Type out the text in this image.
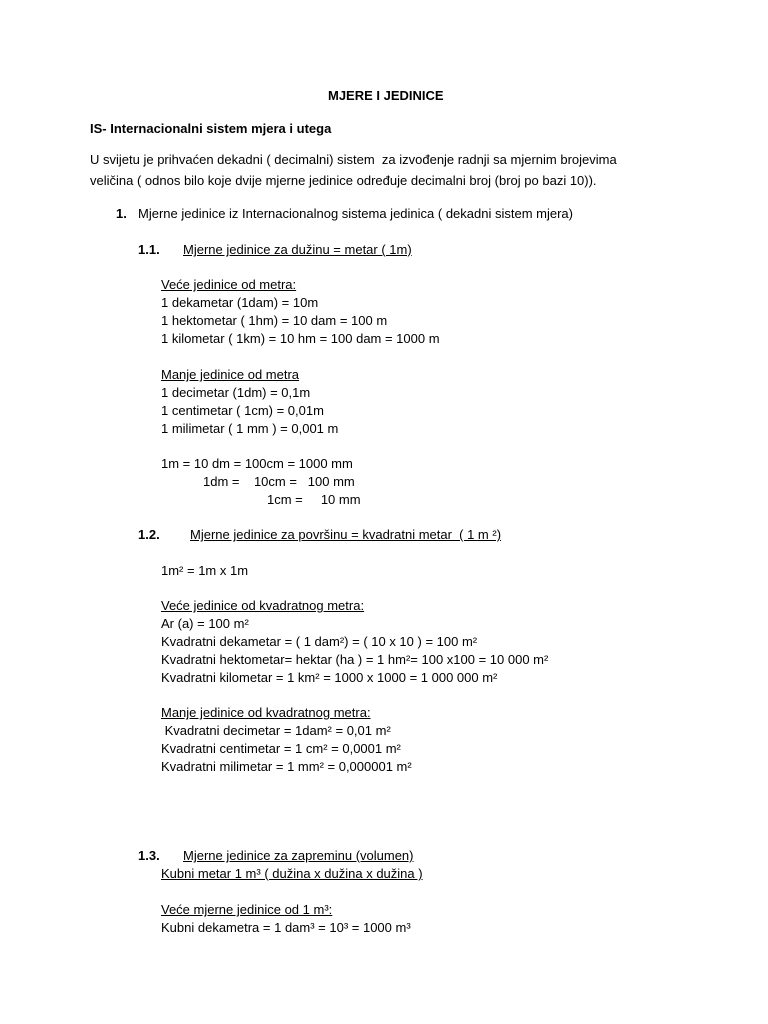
MJERE I JEDINICE
IS- Internacionalni sistem mjera i utega
U svijetu je prihvaćen dekadni ( decimalni) sistem  za izvođenje radnji sa mjernim brojevima
veličina ( odnos bilo koje dvije mjerne jedinice određuje decimalni broj (broj po bazi 10)).
1. Mjerne jedinice iz Internacionalnog sistema jedinica ( dekadni sistem mjera)
1.1. Mjerne jedinice za dužinu = metar ( 1m)
Veće jedinice od metra:
1 dekametar (1dam) = 10m
1 hektometar ( 1hm) = 10 dam = 100 m
1 kilometar ( 1km) = 10 hm = 100 dam = 1000 m
Manje jedinice od metra
1 decimetar (1dm) = 0,1m
1 centimetar ( 1cm) = 0,01m
1 milimetar ( 1 mm ) = 0,001 m
1m = 10 dm = 100cm = 1000 mm
1dm =    10cm =   100 mm
1cm =     10 mm
1.2. Mjerne jedinice za površinu = kvadratni metar  ( 1 m ²)
1m² = 1m x 1m
Veće jedinice od kvadratnog metra:
Ar (a) = 100 m²
Kvadratni dekametar = ( 1 dam²) = ( 10 x 10 ) = 100 m²
Kvadratni hektometar= hektar (ha ) = 1 hm²= 100 x100 = 10 000 m²
Kvadratni kilometar = 1 km² = 1000 x 1000 = 1 000 000 m²
Manje jedinice od kvadratnog metra:
Kvadratni decimetar = 1dam² = 0,01 m²
Kvadratni centimetar = 1 cm² = 0,0001 m²
Kvadratni milimetar = 1 mm² = 0,000001 m²
1.3. Mjerne jedinice za zapreminu (volumen)
Kubni metar 1 m³ ( dužina x dužina x dužina )
Veće mjerne jedinice od 1 m³:
Kubni dekametra = 1 dam³ = 10³ = 1000 m³
